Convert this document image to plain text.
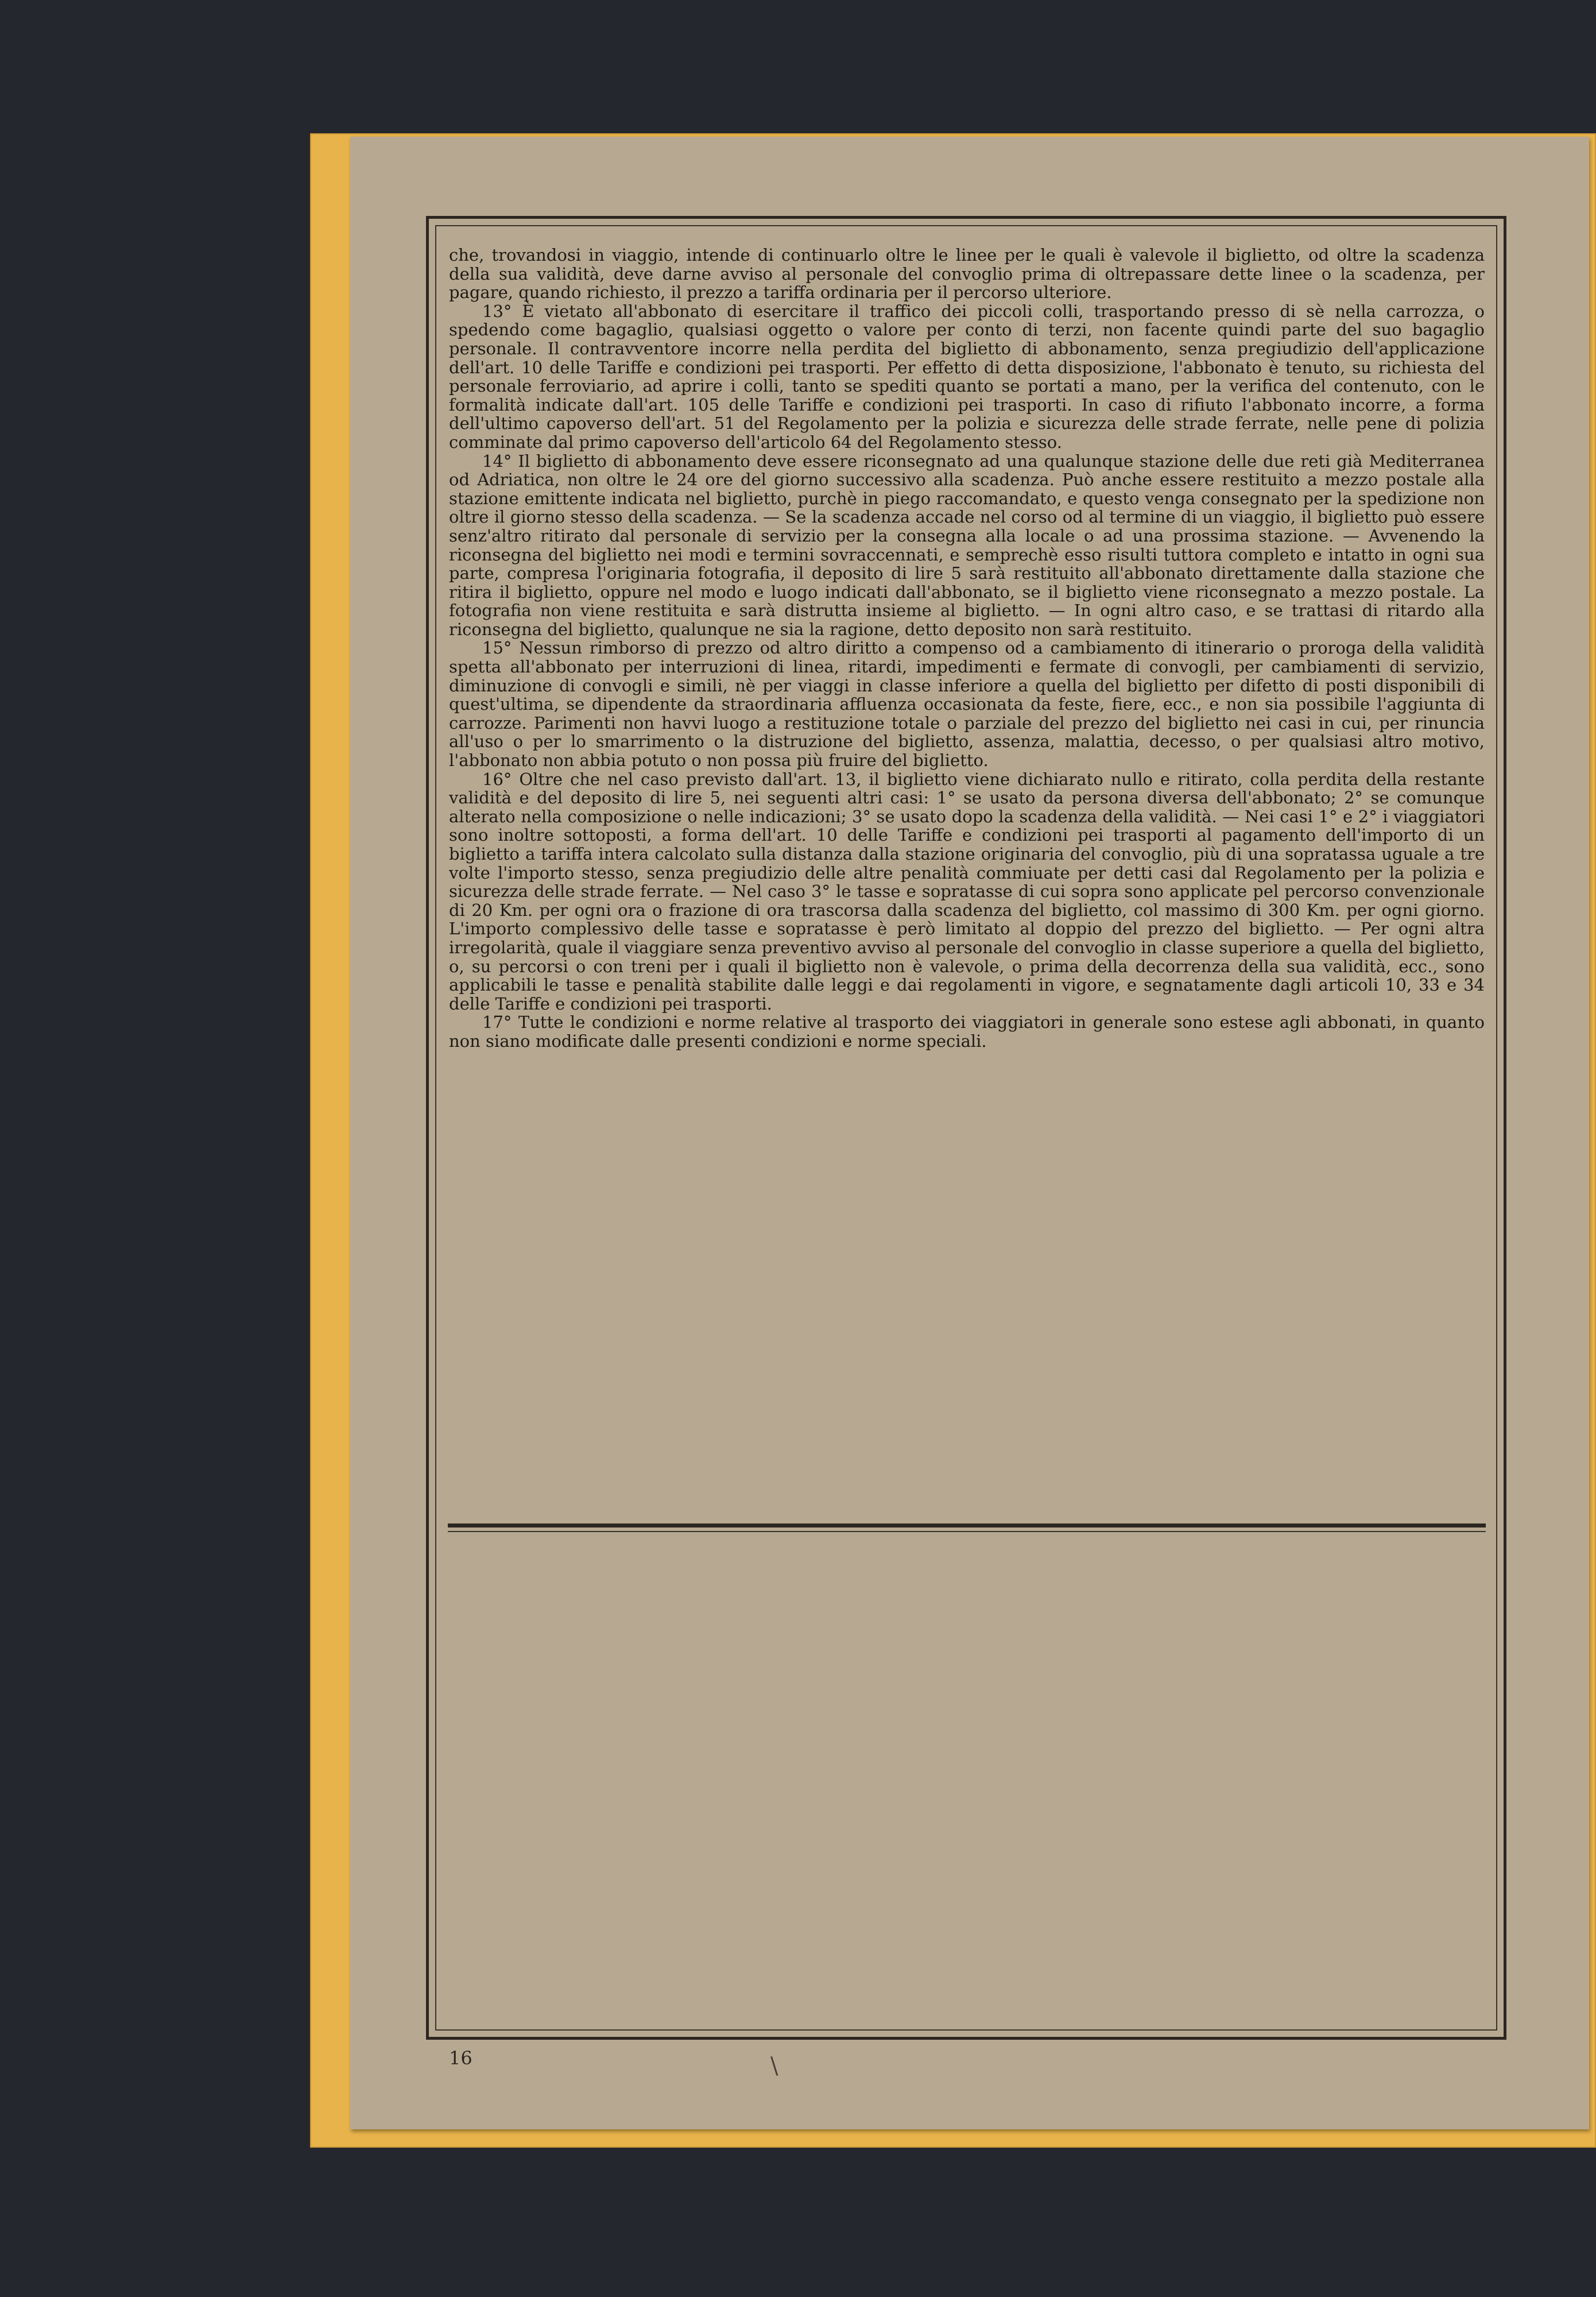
che, trovandosi in viaggio, intende di continuarlo oltre le linee per le quali è valevole il biglietto, od oltre la scadenza della sua validità, deve darne avviso al personale del convoglio prima di oltrepassare dette linee o la scadenza, per pagare, quando richiesto, il prezzo a tariffa ordinaria per il percorso ulteriore.

13° È vietato all'abbonato di esercitare il traffico dei piccoli colli, trasportando presso di sè nella carrozza, o spedendo come bagaglio, qualsiasi oggetto o valore per conto di terzi, non facente quindi parte del suo bagaglio personale. Il contravventore incorre nella perdita del biglietto di abbonamento, senza pregiudizio dell'applicazione dell'art. 10 delle Tariffe e condizioni pei trasporti. Per effetto di detta disposizione, l'abbonato è tenuto, su richiesta del personale ferroviario, ad aprire i colli, tanto se spediti quanto se portati a mano, per la verifica del contenuto, con le formalità indicate dall'art. 105 delle Tariffe e condizioni pei trasporti. In caso di rifiuto l'abbonato incorre, a forma dell'ultimo capoverso dell'art. 51 del Regolamento per la polizia e sicurezza delle strade ferrate, nelle pene di polizia comminate dal primo capoverso dell'articolo 64 del Regolamento stesso.

14° Il biglietto di abbonamento deve essere riconsegnato ad una qualunque stazione delle due reti già Mediterranea od Adriatica, non oltre le 24 ore del giorno successivo alla scadenza. Può anche essere restituito a mezzo postale alla stazione emittente indicata nel biglietto, purchè in piego raccomandato, e questo venga consegnato per la spedizione non oltre il giorno stesso della scadenza. — Se la scadenza accade nel corso od al termine di un viaggio, il biglietto può essere senz'altro ritirato dal personale di servizio per la consegna alla locale o ad una prossima stazione. — Avvenendo la riconsegna del biglietto nei modi e termini sovraccennati, e semprechè esso risulti tuttora completo e intatto in ogni sua parte, compresa l'originaria fotografia, il deposito di lire 5 sarà restituito all'abbonato direttamente dalla stazione che ritira il biglietto, oppure nel modo e luogo indicati dall'abbonato, se il biglietto viene riconsegnato a mezzo postale. La fotografia non viene restituita e sarà distrutta insieme al biglietto. — In ogni altro caso, e se trattasi di ritardo alla riconsegna del biglietto, qualunque ne sia la ragione, detto deposito non sarà restituito.

15° Nessun rimborso di prezzo od altro diritto a compenso od a cambiamento di itinerario o proroga della validità spetta all'abbonato per interruzioni di linea, ritardi, impedimenti e fermate di convogli, per cambiamenti di servizio, diminuzione di convogli e simili, nè per viaggi in classe inferiore a quella del biglietto per difetto di posti disponibili di quest'ultima, se dipendente da straordinaria affluenza occasionata da feste, fiere, ecc., e non sia possibile l'aggiunta di carrozze. Parimenti non havvi luogo a restituzione totale o parziale del prezzo del biglietto nei casi in cui, per rinuncia all'uso o per lo smarrimento o la distruzione del biglietto, assenza, malattia, decesso, o per qualsiasi altro motivo, l'abbonato non abbia potuto o non possa più fruire del biglietto.

16° Oltre che nel caso previsto dall'art. 13, il biglietto viene dichiarato nullo e ritirato, colla perdita della restante validità e del deposito di lire 5, nei seguenti altri casi: 1° se usato da persona diversa dell'abbonato; 2° se comunque alterato nella composizione o nelle indicazioni; 3° se usato dopo la scadenza della validità. — Nei casi 1° e 2° i viaggiatori sono inoltre sottoposti, a forma dell'art. 10 delle Tariffe e condizioni pei trasporti al pagamento dell'importo di un biglietto a tariffa intera calcolato sulla distanza dalla stazione originaria del convoglio, più di una sopratassa uguale a tre volte l'importo stesso, senza pregiudizio delle altre penalità commiuate per detti casi dal Regolamento per la polizia e sicurezza delle strade ferrate. — Nel caso 3° le tasse e sopratasse di cui sopra sono applicate pel percorso convenzionale di 20 Km. per ogni ora o frazione di ora trascorsa dalla scadenza del biglietto, col massimo di 300 Km. per ogni giorno. L'importo complessivo delle tasse e sopratasse è però limitato al doppio del prezzo del biglietto. — Per ogni altra irregolarità, quale il viaggiare senza preventivo avviso al personale del convoglio in classe superiore a quella del biglietto, o, su percorsi o con treni per i quali il biglietto non è valevole, o prima della decorrenza della sua validità, ecc., sono applicabili le tasse e penalità stabilite dalle leggi e dai regolamenti in vigore, e segnatamente dagli articoli 10, 33 e 34 delle Tariffe e condizioni pei trasporti.

17° Tutte le condizioni e norme relative al trasporto dei viaggiatori in generale sono estese agli abbonati, in quanto non siano modificate dalle presenti condizioni e norme speciali.

16	\
